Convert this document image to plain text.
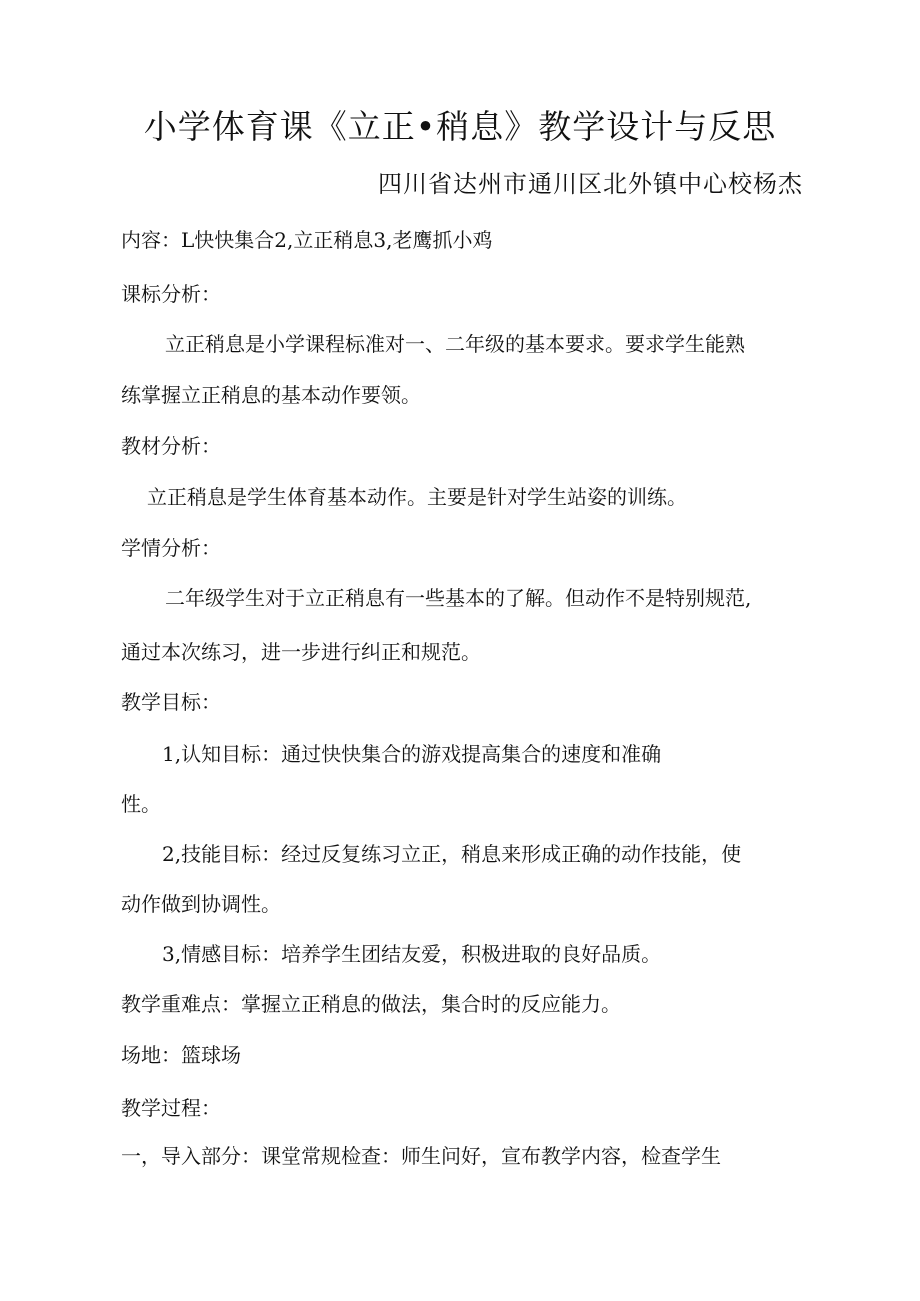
小学体育课《立正•稍息》教学设计与反思
四川省达州市通川区北外镇中心校杨杰
内容：L快快集合2,立正稍息3,老鹰抓小鸡
课标分析：
立正稍息是小学课程标准对一、二年级的基本要求。要求学生能熟
练掌握立正稍息的基本动作要领。
教材分析：
立正稍息是学生体育基本动作。主要是针对学生站姿的训练。
学情分析：
二年级学生对于立正稍息有一些基本的了解。但动作不是特别规范,
通过本次练习，进一步进行纠正和规范。
教学目标：
1,认知目标：通过快快集合的游戏提高集合的速度和准确
性。
2,技能目标：经过反复练习立正，稍息来形成正确的动作技能，使
动作做到协调性。
3,情感目标：培养学生团结友爱，积极进取的良好品质。
教学重难点：掌握立正稍息的做法，集合时的反应能力。
场地：篮球场
教学过程：
一，导入部分：课堂常规检查：师生问好，宣布教学内容，检查学生
